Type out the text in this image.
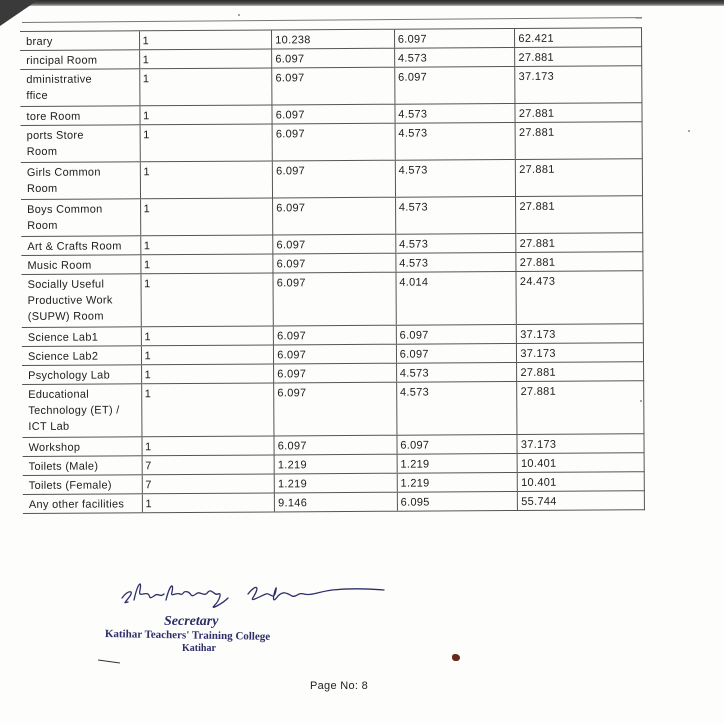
brary	1	10.238	6.097	62.421
rincipal Room	1	6.097	4.573	27.881
dministrative
ffice	1	6.097	6.097	37.173
tore Room	1	6.097	4.573	27.881
ports Store
Room	1	6.097	4.573	27.881
Girls Common
Room	1	6.097	4.573	27.881
Boys Common
Room	1	6.097	4.573	27.881
Art & Crafts Room	1	6.097	4.573	27.881
Music Room	1	6.097	4.573	27.881
Socially Useful
Productive Work
(SUPW) Room	1	6.097	4.014	24.473
Science Lab1	1	6.097	6.097	37.173
Science Lab2	1	6.097	6.097	37.173
Psychology Lab	1	6.097	4.573	27.881
Educational
Technology (ET) /
ICT Lab	1	6.097	4.573	27.881
Workshop	1	6.097	6.097	37.173
Toilets (Male)	7	1.219	1.219	10.401
Toilets (Female)	7	1.219	1.219	10.401
Any other facilities	1	9.146	6.095	55.744
Secretary
Katihar Teachers' Training College
Katihar
Page No: 8
